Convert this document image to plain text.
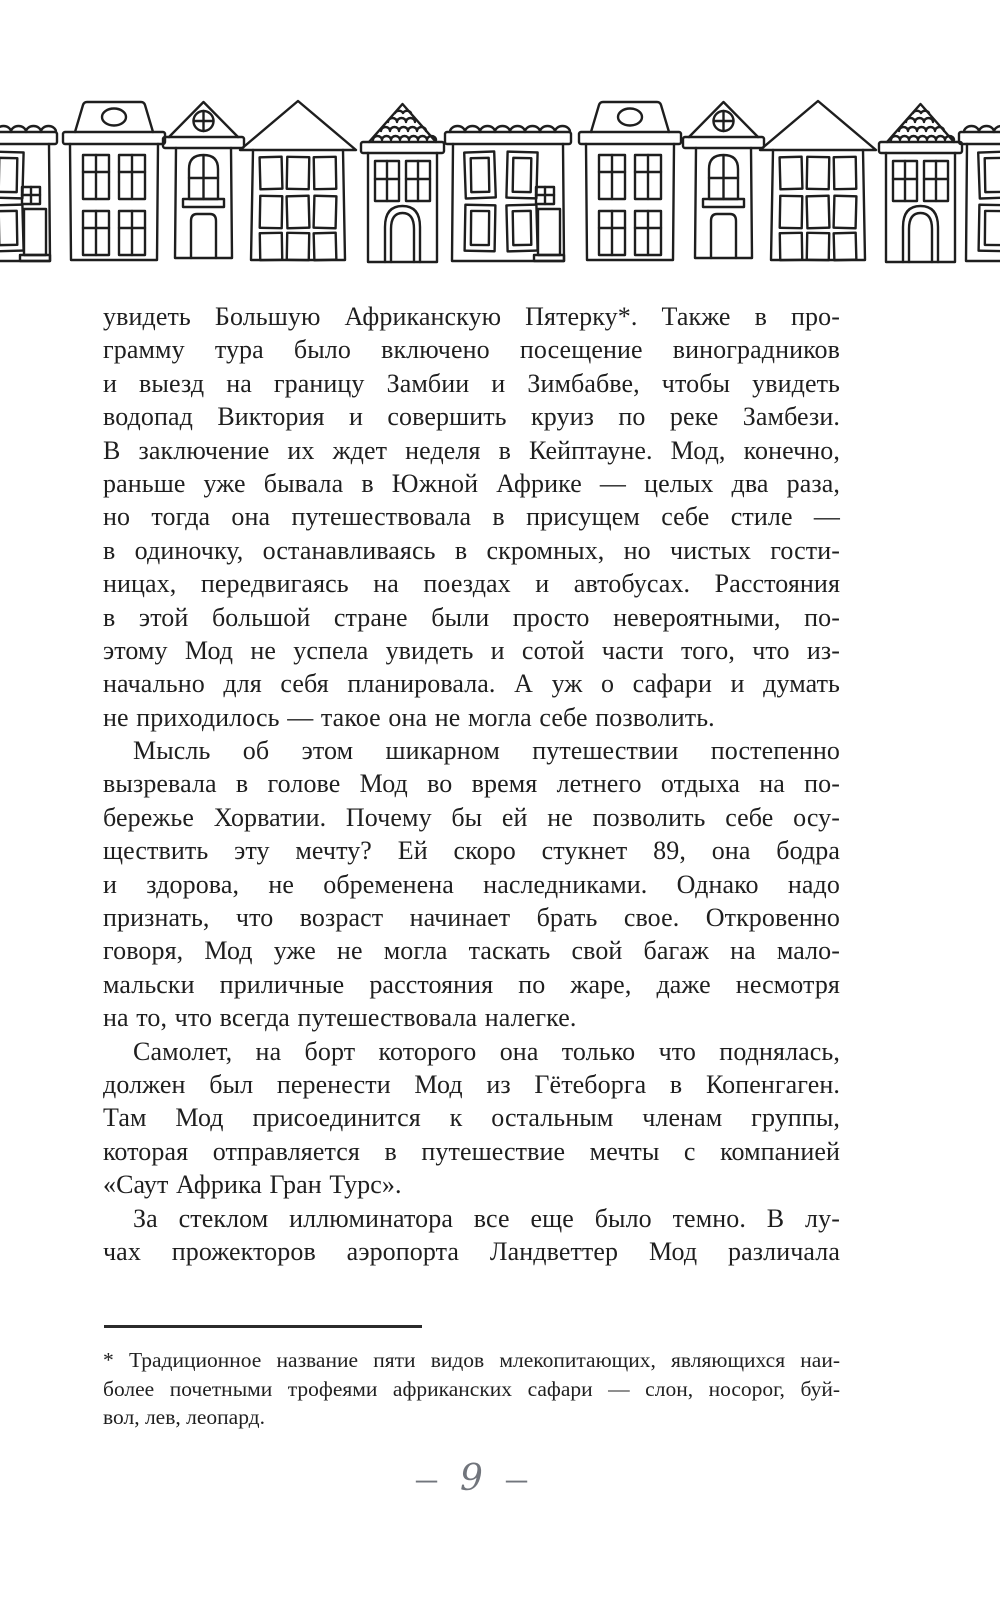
увидеть Большую Африканскую Пятерку*. Также в про-
грамму тура было включено посещение виноградников
и выезд на границу Замбии и Зимбабве, чтобы увидеть
водопад Виктория и совершить круиз по реке Замбези.
В заключение их ждет неделя в Кейптауне. Мод, конечно,
раньше уже бывала в Южной Африке — целых два раза,
но тогда она путешествовала в присущем себе стиле —
в одиночку, останавливаясь в скромных, но чистых гости-
ницах, передвигаясь на поездах и автобусах. Расстояния
в этой большой стране были просто невероятными, по-
этому Мод не успела увидеть и сотой части того, что из-
начально для себя планировала. А уж о сафари и думать
не приходилось — такое она не могла себе позволить.
Мысль об этом шикарном путешествии постепенно
вызревала в голове Мод во время летнего отдыха на по-
бережье Хорватии. Почему бы ей не позволить себе осу-
ществить эту мечту? Ей скоро стукнет 89, она бодра
и здорова, не обременена наследниками. Однако надо
признать, что возраст начинает брать свое. Откровенно
говоря, Мод уже не могла таскать свой багаж на мало-
мальски приличные расстояния по жаре, даже несмотря
на то, что всегда путешествовала налегке.
Самолет, на борт которого она только что поднялась,
должен был перенести Мод из Гётеборга в Копенгаген.
Там Мод присоединится к остальным членам группы,
которая отправляется в путешествие мечты с компанией
«Саут Африка Гран Турс».
За стеклом иллюминатора все еще было темно. В лу-
чах прожекторов аэропорта Ландветтер Мод различала
* Традиционное название пяти видов млекопитающих, являющихся наи-
более почетными трофеями африканских сафари — слон, носорог, буй-
вол, лев, леопард.
– 9 –
